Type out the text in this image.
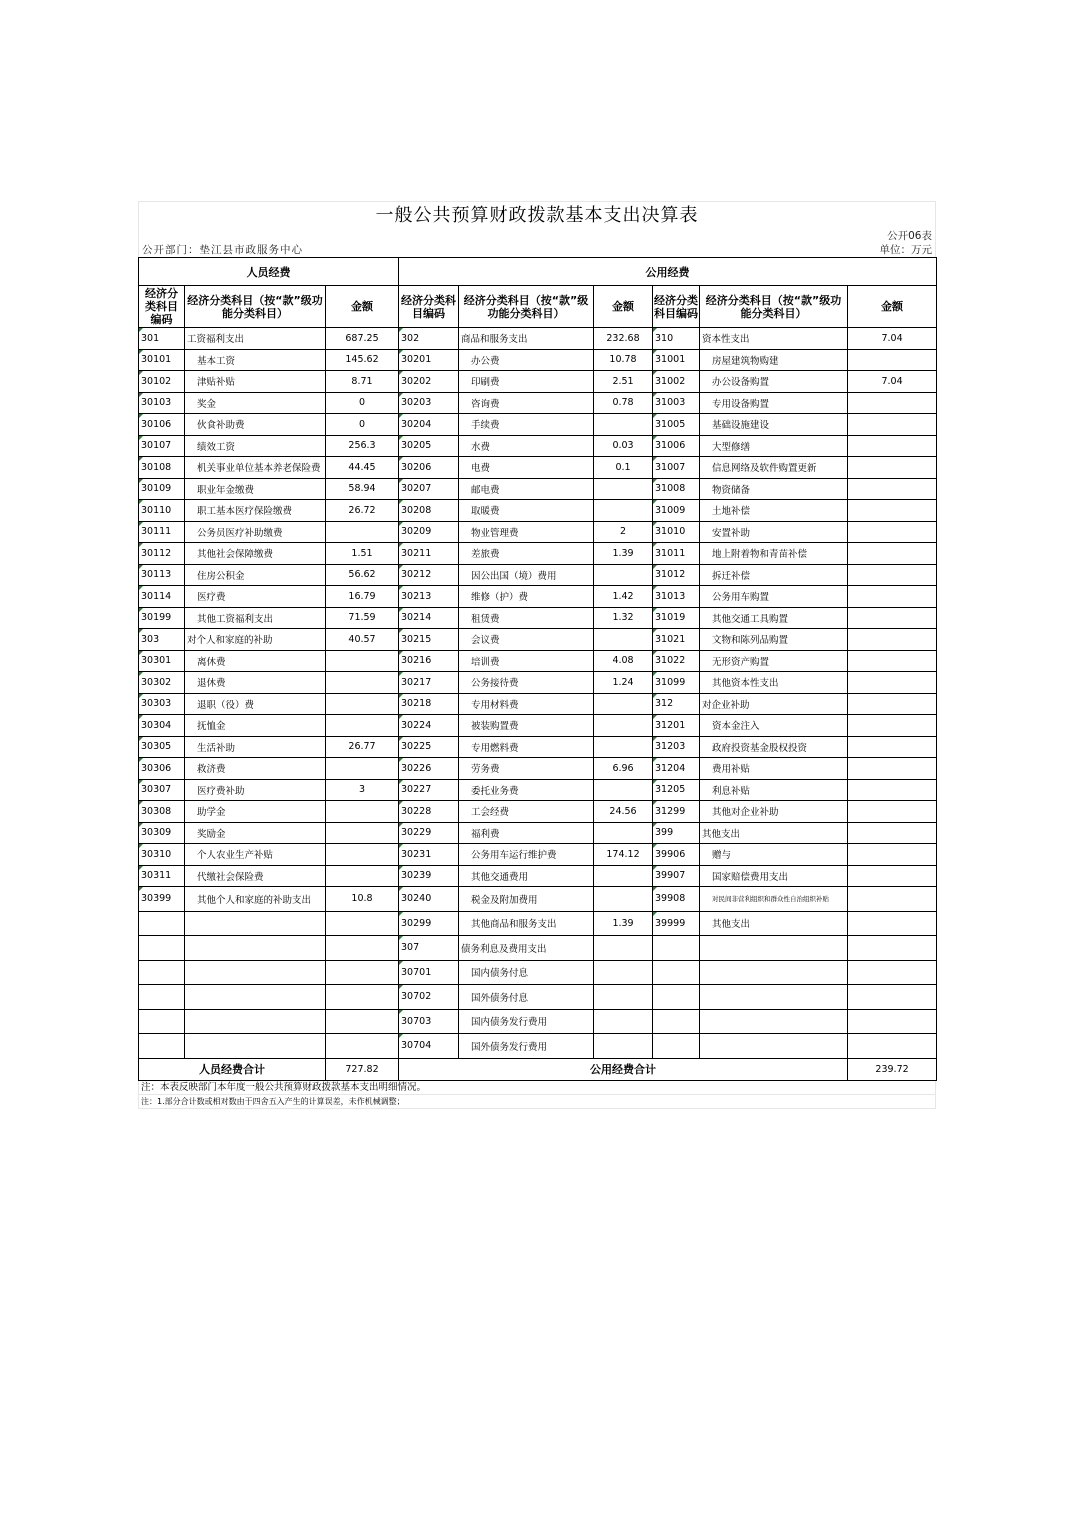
一般公共预算财政拨款基本支出决算表
公开06表
公开部门：垫江县市政服务中心	单位：万元
人员经费			公用经费					
经济分类科目编码	经济分类科目（按“款”级功能分类科目）	金额	经济分类科目编码	经济分类科目（按“款”级功能分类科目）	金额	经济分类科目编码	经济分类科目（按“款”级功能分类科目）	金额
301	工资福利支出	687.25	302	商品和服务支出	232.68	310	资本性支出	7.04
30101	基本工资	145.62	30201	办公费	10.78	31001	房屋建筑物购建	
30102	津贴补贴	8.71	30202	印刷费	2.51	31002	办公设备购置	7.04
30103	奖金	0	30203	咨询费	0.78	31003	专用设备购置	
30106	伙食补助费	0	30204	手续费		31005	基础设施建设	
30107	绩效工资	256.3	30205	水费	0.03	31006	大型修缮	
30108	机关事业单位基本养老保险费	44.45	30206	电费	0.1	31007	信息网络及软件购置更新	
30109	职业年金缴费	58.94	30207	邮电费		31008	物资储备	
30110	职工基本医疗保险缴费	26.72	30208	取暖费		31009	土地补偿	
30111	公务员医疗补助缴费		30209	物业管理费	2	31010	安置补助	
30112	其他社会保障缴费	1.51	30211	差旅费	1.39	31011	地上附着物和青苗补偿	
30113	住房公积金	56.62	30212	因公出国（境）费用		31012	拆迁补偿	
30114	医疗费	16.79	30213	维修（护）费	1.42	31013	公务用车购置	
30199	其他工资福利支出	71.59	30214	租赁费	1.32	31019	其他交通工具购置	
303	对个人和家庭的补助	40.57	30215	会议费		31021	文物和陈列品购置	
30301	离休费		30216	培训费	4.08	31022	无形资产购置	
30302	退休费		30217	公务接待费	1.24	31099	其他资本性支出	
30303	退职（役）费		30218	专用材料费		312	对企业补助	
30304	抚恤金		30224	被装购置费		31201	资本金注入	
30305	生活补助	26.77	30225	专用燃料费		31203	政府投资基金股权投资	
30306	救济费		30226	劳务费	6.96	31204	费用补贴	
30307	医疗费补助	3	30227	委托业务费		31205	利息补贴	
30308	助学金		30228	工会经费	24.56	31299	其他对企业补助	
30309	奖励金		30229	福利费		399	其他支出	
30310	个人农业生产补贴		30231	公务用车运行维护费	174.12	39906	赠与	
30311	代缴社会保险费		30239	其他交通费用		39907	国家赔偿费用支出	
30399	其他个人和家庭的补助支出	10.8	30240	税金及附加费用		39908	对民间非营利组织和群众性自治组织补贴	
			30299	其他商品和服务支出	1.39	39999	其他支出	
			307	债务利息及费用支出				
			30701	国内债务付息				
			30702	国外债务付息				
			30703	国内债务发行费用				
			30704	国外债务发行费用				
人员经费合计		727.82	公用经费合计					239.72
注：本表反映部门本年度一般公共预算财政拨款基本支出明细情况。
注：1.部分合计数或相对数由于四舍五入产生的计算误差，未作机械调整；
